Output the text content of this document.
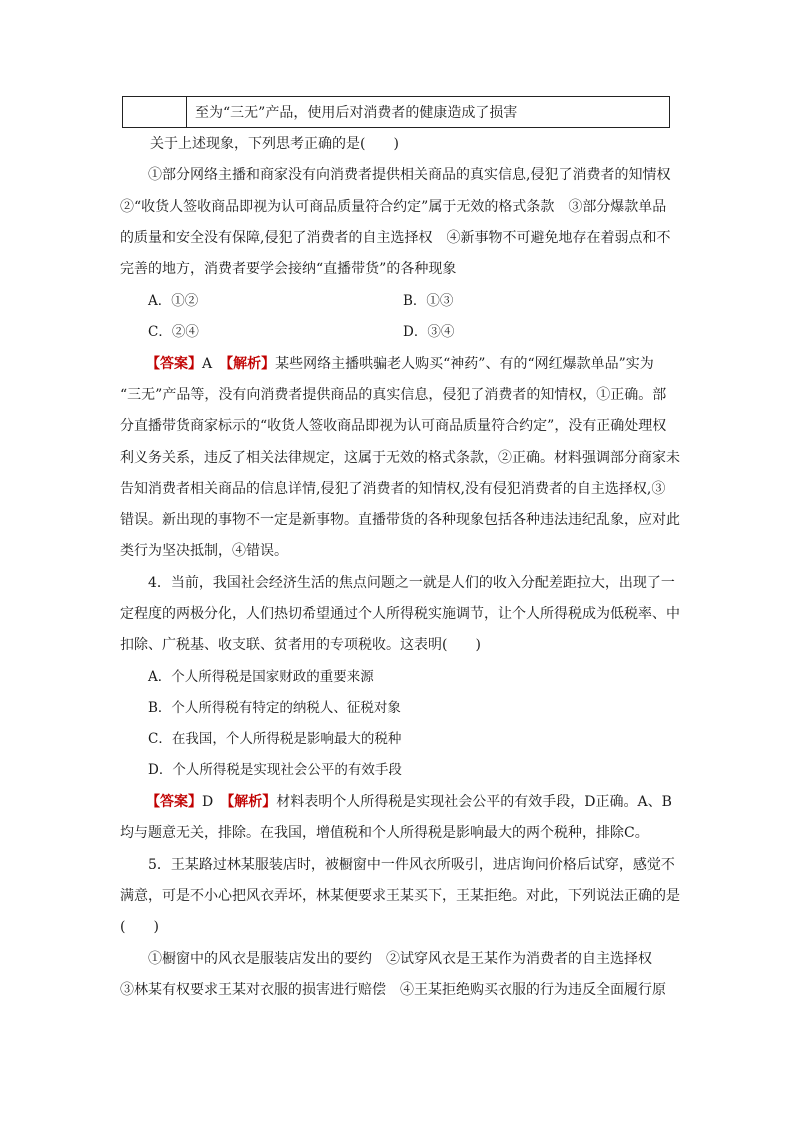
至为“三无”产品，使用后对消费者的健康造成了损害
关于上述现象，下列思考正确的是(　　)
①部分网络主播和商家没有向消费者提供相关商品的真实信息,侵犯了消费者的知情权
②“收货人签收商品即视为认可商品质量符合约定”属于无效的格式条款　③部分爆款单品
的质量和安全没有保障,侵犯了消费者的自主选择权　④新事物不可避免地存在着弱点和不
完善的地方，消费者要学会接纳“直播带货”的各种现象
A．①②	B．①③
C．②④	D．③④
【答案】A　【解析】某些网络主播哄骗老人购买“神药”、有的“网红爆款单品”实为
“三无”产品等，没有向消费者提供商品的真实信息，侵犯了消费者的知情权，①正确。部
分直播带货商家标示的“收货人签收商品即视为认可商品质量符合约定”，没有正确处理权
利义务关系，违反了相关法律规定，这属于无效的格式条款，②正确。材料强调部分商家未
告知消费者相关商品的信息详情,侵犯了消费者的知情权,没有侵犯消费者的自主选择权,③
错误。新出现的事物不一定是新事物。直播带货的各种现象包括各种违法违纪乱象，应对此
类行为坚决抵制，④错误。
4．当前，我国社会经济生活的焦点问题之一就是人们的收入分配差距拉大，出现了一
定程度的两极分化，人们热切希望通过个人所得税实施调节，让个人所得税成为低税率、中
扣除、广税基、收支联、贫者用的专项税收。这表明(　　)
A．个人所得税是国家财政的重要来源
B．个人所得税有特定的纳税人、征税对象
C．在我国，个人所得税是影响最大的税种
D．个人所得税是实现社会公平的有效手段
【答案】D　【解析】材料表明个人所得税是实现社会公平的有效手段，D正确。A、B
均与题意无关，排除。在我国，增值税和个人所得税是影响最大的两个税种，排除C。
5．王某路过林某服装店时，被橱窗中一件风衣所吸引，进店询问价格后试穿，感觉不
满意，可是不小心把风衣弄坏，林某便要求王某买下，王某拒绝。对此，下列说法正确的是
(　　)
①橱窗中的风衣是服装店发出的要约　②试穿风衣是王某作为消费者的自主选择权
③林某有权要求王某对衣服的损害进行赔偿　④王某拒绝购买衣服的行为违反全面履行原
